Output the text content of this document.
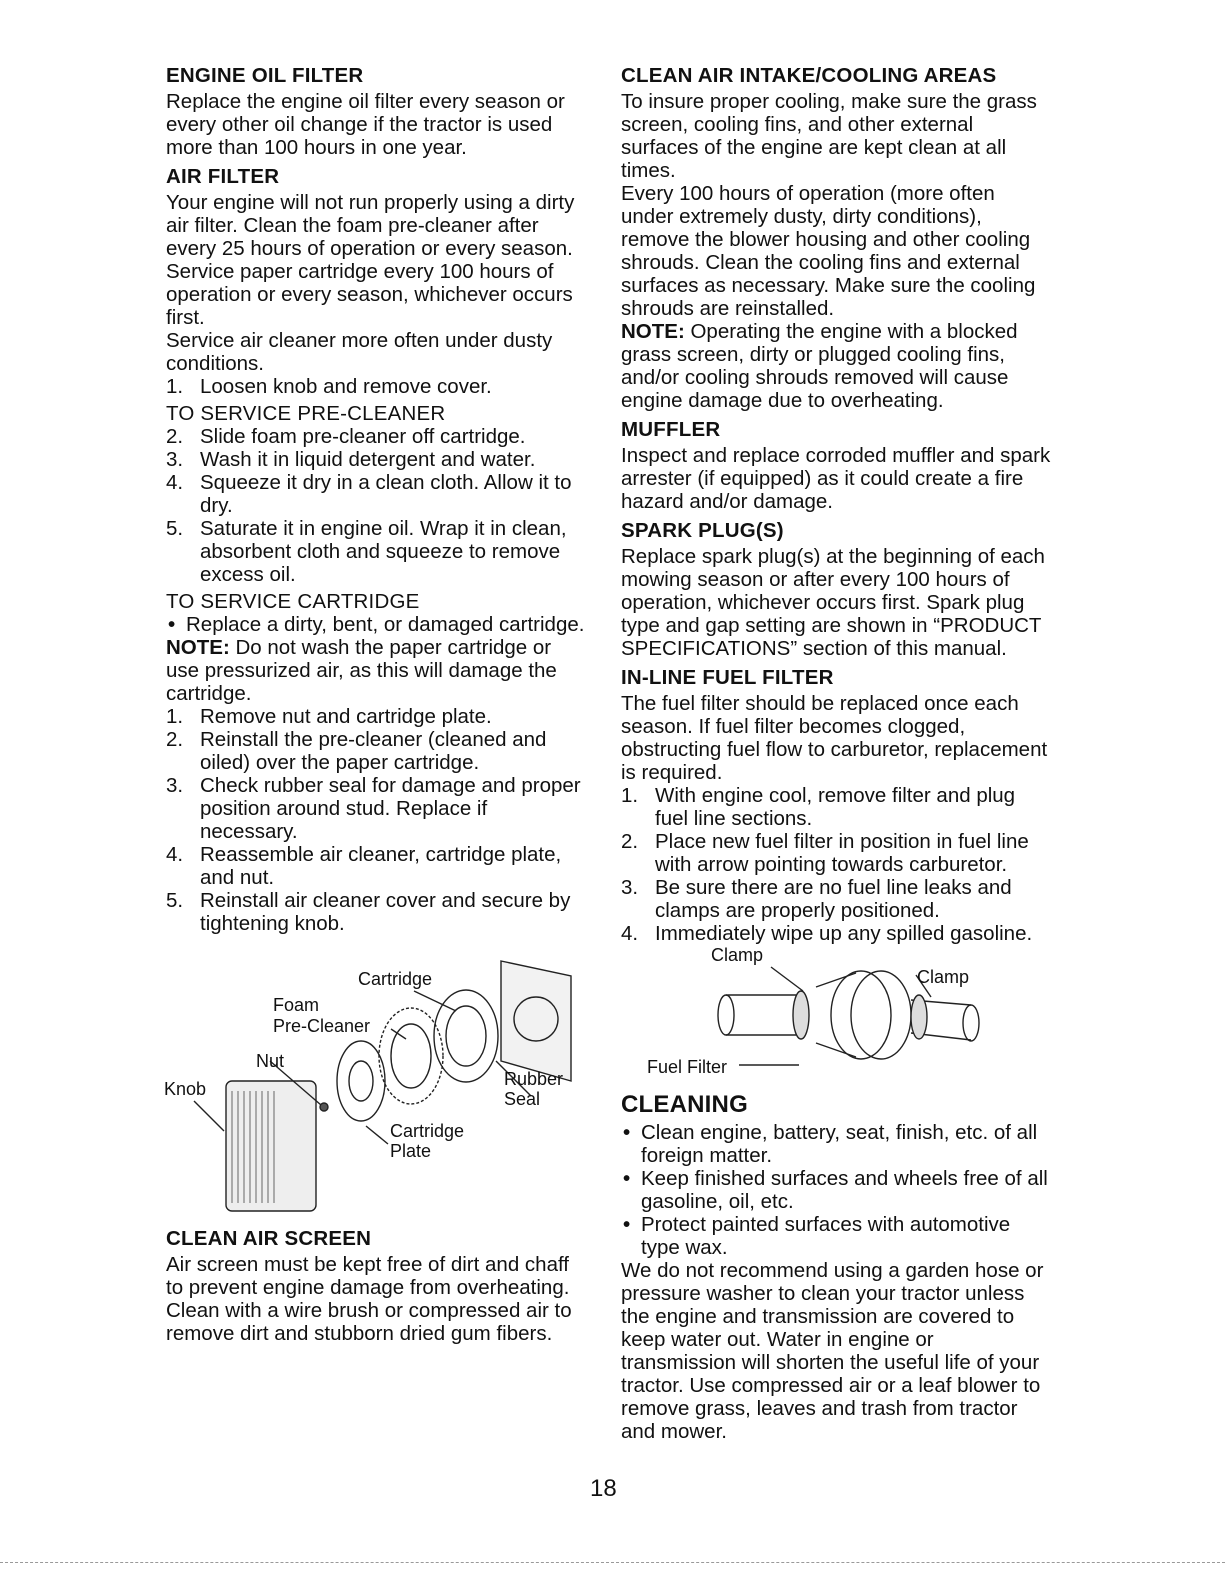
ENGINE OIL FILTER

Replace the engine oil filter every season or every other oil change if the tractor is used more than 100 hours in one year.

AIR FILTER

Your engine will not run properly using a dirty air filter. Clean the foam pre-cleaner after every 25 hours of operation or every season. Service paper cartridge every 100 hours of operation or every season, whichever occurs first.

Service air cleaner more often under dusty conditions.

1. Loosen knob and remove cover.

TO SERVICE PRE-CLEANER

2. Slide foam pre-cleaner off cartridge.
3. Wash it in liquid detergent and water.
4. Squeeze it dry in a clean cloth. Allow it to dry.
5. Saturate it in engine oil. Wrap it in clean, absorbent cloth and squeeze to remove excess oil.

TO SERVICE CARTRIDGE

• Replace a dirty, bent, or damaged cartridge.

NOTE: Do not wash the paper cartridge or use pressurized air, as this will damage the cartridge.

1. Remove nut and cartridge plate.
2. Reinstall the pre-cleaner (cleaned and oiled) over the paper cartridge.
3. Check rubber seal for damage and proper position around stud. Replace if necessary.
4. Reassemble air cleaner, cartridge plate, and nut.
5. Reinstall air cleaner cover and secure by tightening knob.
Cartridge
Foam
Pre-Cleaner
Nut
Rubber
Seal
Knob
Cartridge
Plate
CLEAN AIR SCREEN

Air screen must be kept free of dirt and chaff to prevent engine damage from overheating. Clean with a wire brush or compressed air to remove dirt and stubborn dried gum fibers.

CLEAN AIR INTAKE/COOLING AREAS

To insure proper cooling, make sure the grass screen, cooling fins, and other external surfaces of the engine are kept clean at all times.

Every 100 hours of operation (more often under extremely dusty, dirty conditions), remove the blower housing and other cooling shrouds. Clean the cooling fins and external surfaces as necessary. Make sure the cooling shrouds are reinstalled.

NOTE: Operating the engine with a blocked grass screen, dirty or plugged cooling fins, and/or cooling shrouds removed will cause engine damage due to overheating.

MUFFLER

Inspect and replace corroded muffler and spark arrester (if equipped) as it could create a fire hazard and/or damage.

SPARK PLUG(S)

Replace spark plug(s) at the beginning of each mowing season or after every 100 hours of operation, whichever occurs first. Spark plug type and gap setting are shown in “PRODUCT SPECIFICATIONS” section of this manual.

IN-LINE FUEL FILTER

The fuel filter should be replaced once each season. If fuel filter becomes clogged, obstructing fuel flow to carburetor, replacement is required.

1. With engine cool, remove filter and plug fuel line sections.
2. Place new fuel filter in position in fuel line with arrow pointing towards carburetor.
3. Be sure there are no fuel line leaks and clamps are properly positioned.
4. Immediately wipe up any spilled gasoline.
Clamp
Clamp
Fuel Filter
CLEANING
• Clean engine, battery, seat, finish, etc. of all foreign matter.
• Keep finished surfaces and wheels free of all gasoline, oil, etc.
• Protect painted surfaces with automotive type wax.

We do not recommend using a garden hose or pressure washer to clean your tractor unless the engine and transmission are covered to keep water out. Water in engine or transmission will shorten the useful life of your tractor. Use compressed air or a leaf blower to remove grass, leaves and trash from tractor and mower.

18
